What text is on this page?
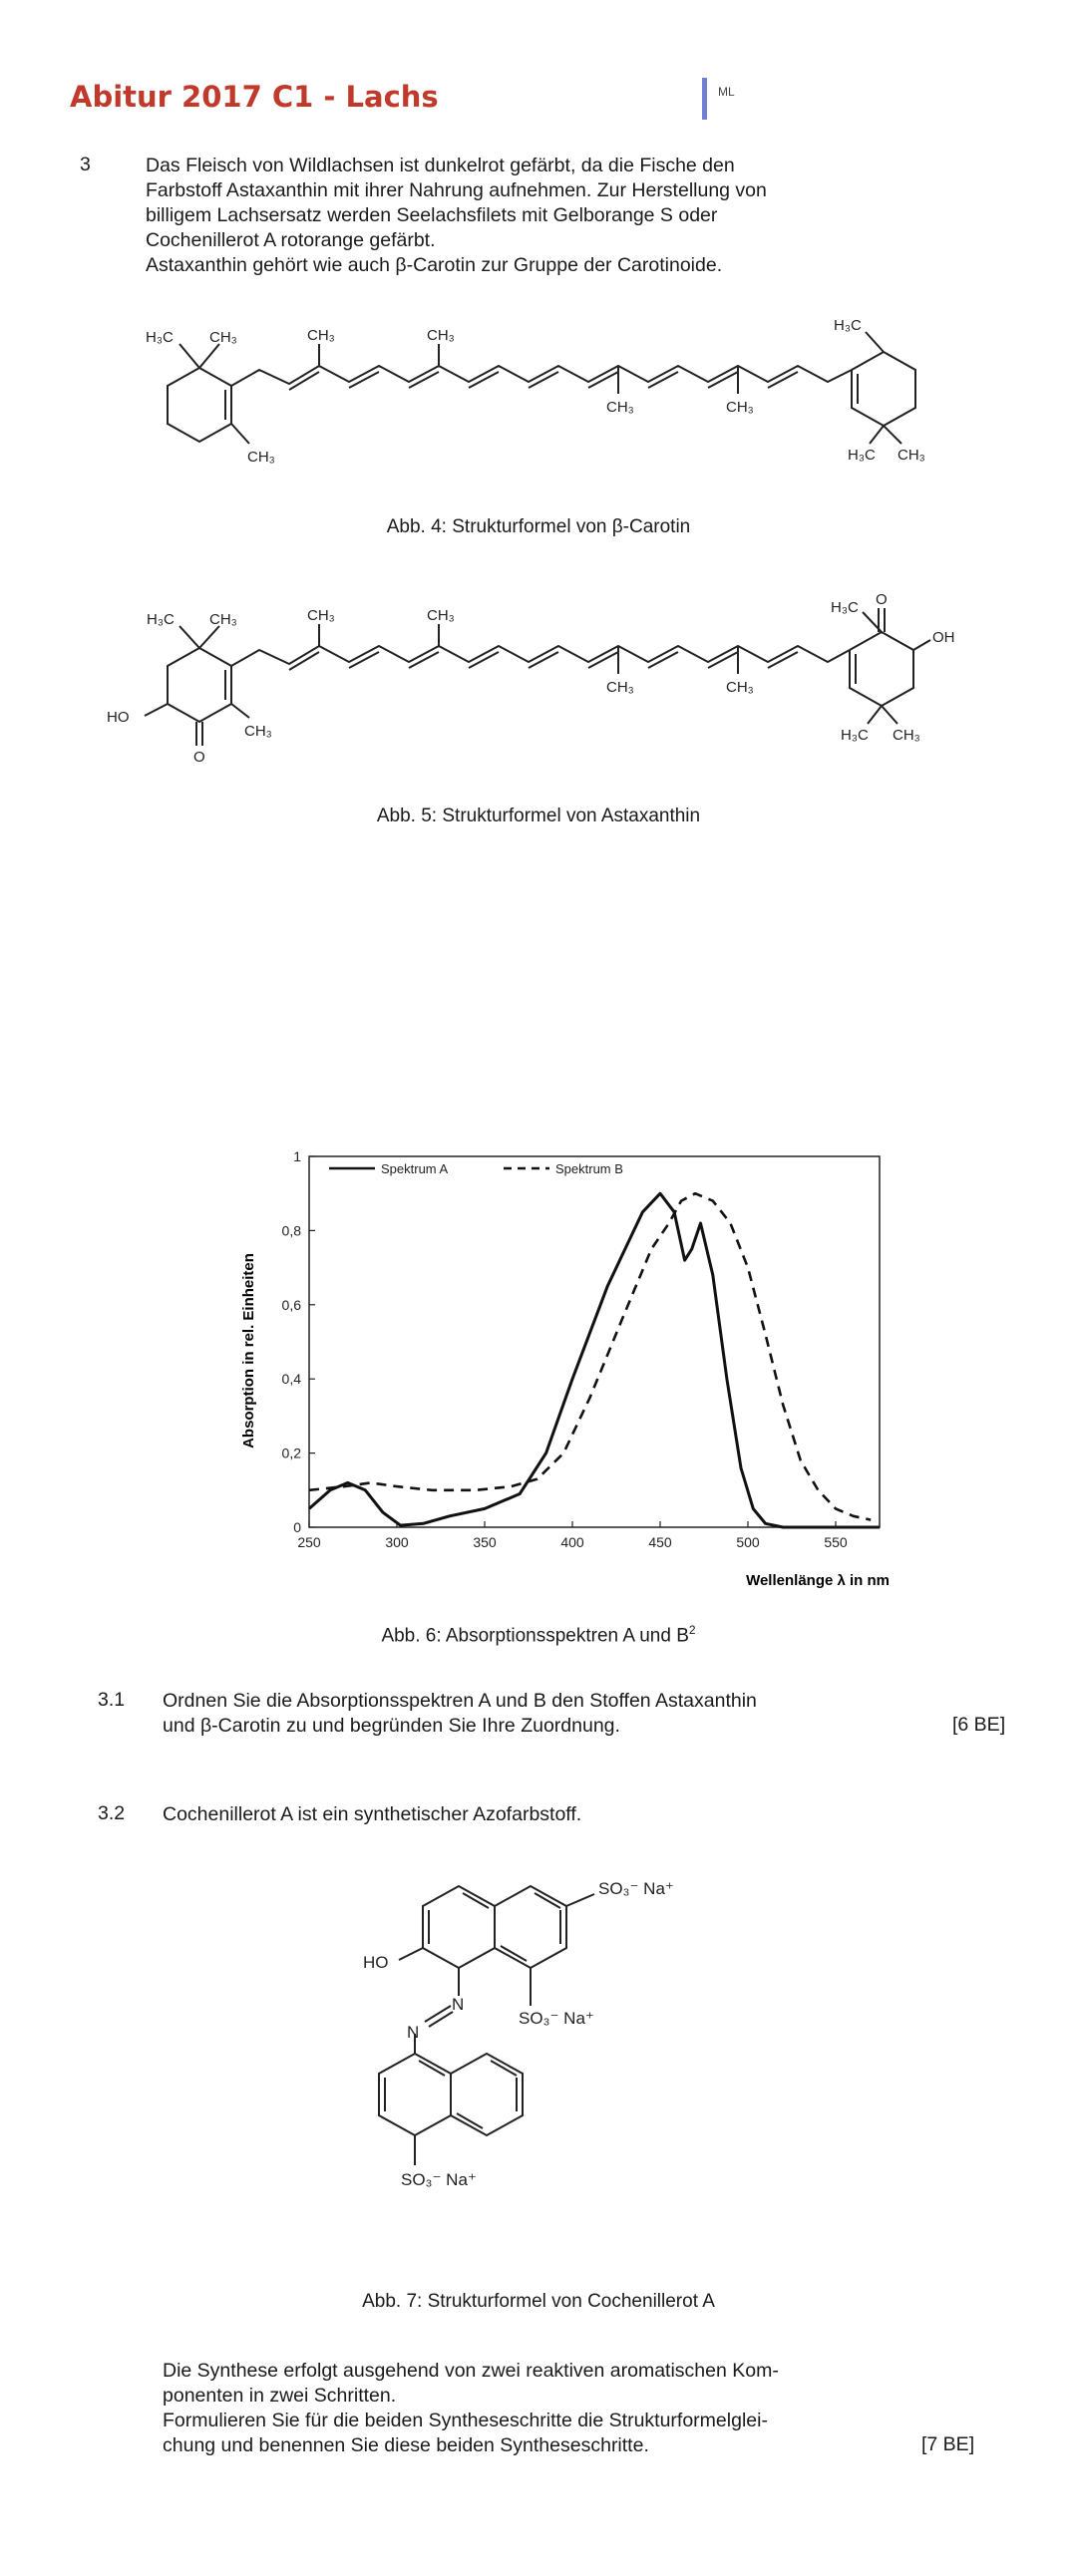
Abitur 2017 C1 - Lachs	ML
3	Das Fleisch von Wildlachsen ist dunkelrot gefärbt, da die Fische den

Farbstoff Astaxanthin mit ihrer Nahrung aufnehmen. Zur Herstellung von

billigem Lachsersatz werden Seelachsfilets mit Gelborange S oder

Cochenillerot A rotorange gefärbt.

Astaxanthin gehört wie auch β-Carotin zur Gruppe der Carotinoide.

H₃C CH₃	CH₃	CH₃
CH₃
CH₃	CH₃
H₃C
H₃C CH₃
Abb. 4: Strukturformel von β-Carotin
H₃C CH₃	CH₃	CH₃
CH₃
CH₃	CH₃
HO
O
O
OH
H₃C
H₃C CH₃
Abb. 5: Strukturformel von Astaxanthin
250	300	350	400	450	500	550
0
0,2
0,4
0,6
0,8
1
Spektrum A	Spektrum B
Absorption in rel. Einheiten
Wellenlänge λ in nm
Abb. 6: Absorptionsspektren A und $B^2$
3.1 Ordnen Sie die Absorptionsspektren A und B den Stoffen Astaxanthin

und β-Carotin zu und begründen Sie Ihre Zuordnung.	[6 BE]
3.2 Cochenillerot A ist ein synthetischer Azofarbstoff.
SO₃⁻ Na⁺
HO
N
N
SO₃⁻ Na⁺
SO₃⁻ Na⁺
Abb. 7: Strukturformel von Cochenillerot A

Die Synthese erfolgt ausgehend von zwei reaktiven aromatischen Kom-

ponenten in zwei Schritten.

Formulieren Sie für die beiden Syntheseschritte die Strukturformelglei-

chung und benennen Sie diese beiden Syntheseschritte.	[7 BE]
